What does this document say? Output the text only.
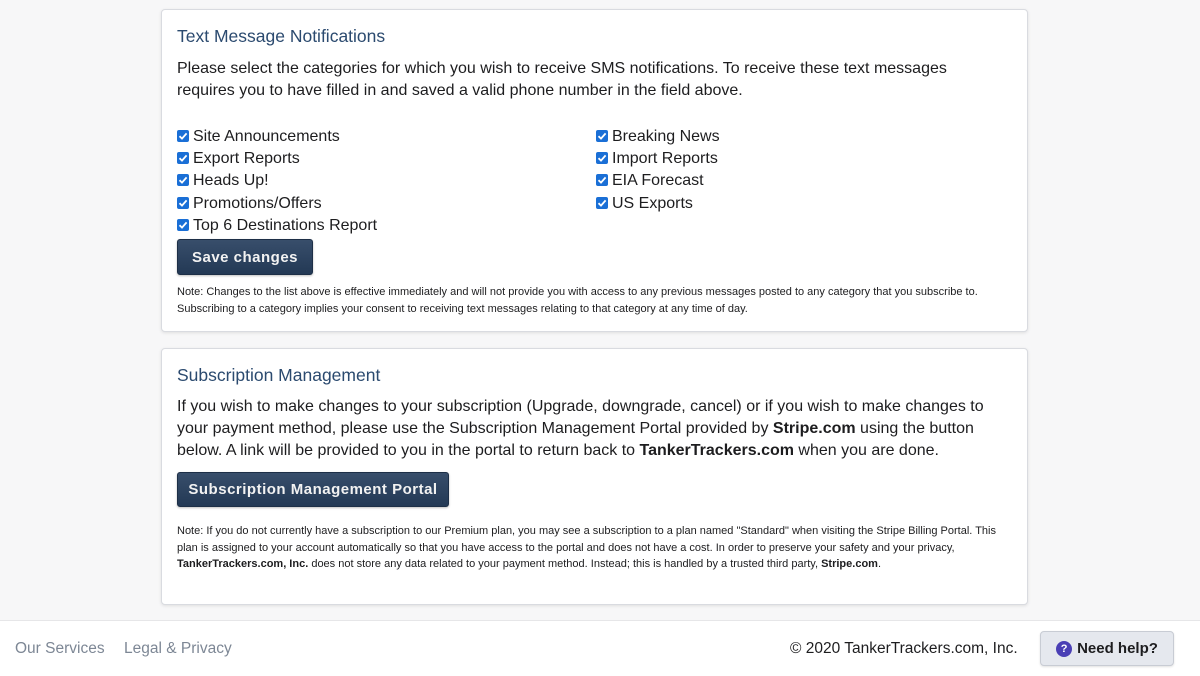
Text Message Notifications

Please select the categories for which you wish to receive SMS notifications. To receive these text messages requires you to have filled in and saved a valid phone number in the field above.

Site Announcements
Export Reports
Heads Up!
Promotions/Offers
Top 6 Destinations Report
Breaking News
Import Reports
EIA Forecast
US Exports
Save changes

Note: Changes to the list above is effective immediately and will not provide you with access to any previous messages posted to any category that you subscribe to. Subscribing to a category implies your consent to receiving text messages relating to that category at any time of day.

Subscription Management

If you wish to make changes to your subscription (Upgrade, downgrade, cancel) or if you wish to make changes to your payment method, please use the Subscription Management Portal provided by Stripe.com using the button below. A link will be provided to you in the portal to return back to TankerTrackers.com when you are done.

Subscription Management Portal

Note: If you do not currently have a subscription to our Premium plan, you may see a subscription to a plan named "Standard" when visiting the Stripe Billing Portal. This plan is assigned to your account automatically so that you have access to the portal and does not have a cost. In order to preserve your safety and your privacy, TankerTrackers.com, Inc. does not store any data related to your payment method. Instead; this is handled by a trusted third party, Stripe.com.

Our Services Legal & Privacy	© 2020 TankerTrackers.com, Inc.	? Need help?
